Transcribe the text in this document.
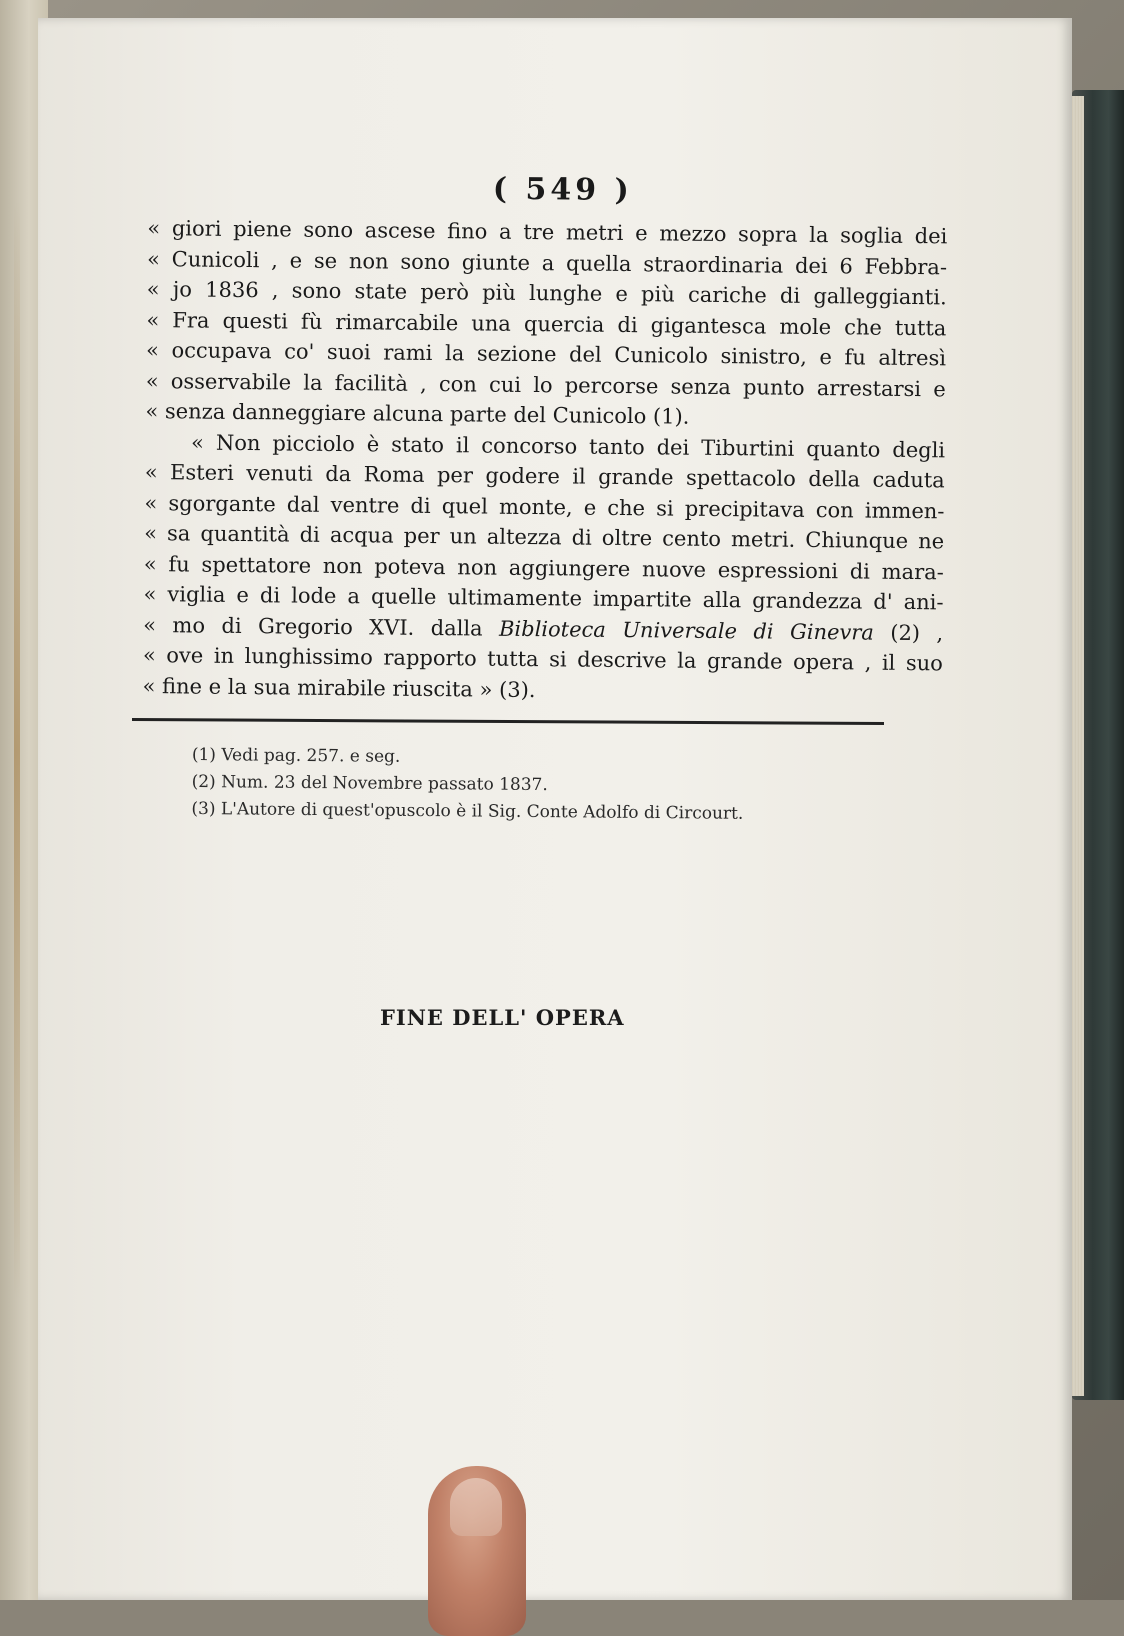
( 549 )
« giori piene sono ascese fino a tre metri e mezzo sopra la soglia dei
« Cunicoli , e se non sono giunte a quella straordinaria dei 6 Febbra-
« jo 1836 , sono state però più lunghe e più cariche di galleggianti.
« Fra questi fù rimarcabile una quercia di gigantesca mole che tutta
« occupava co' suoi rami la sezione del Cunicolo sinistro, e fu altresì
« osservabile la facilità , con cui lo percorse senza punto arrestarsi e
« senza danneggiare alcuna parte del Cunicolo (1).
« Non picciolo è stato il concorso tanto dei Tiburtini quanto degli
« Esteri venuti da Roma per godere il grande spettacolo della caduta
« sgorgante dal ventre di quel monte, e che si precipitava con immen-
« sa quantità di acqua per un altezza di oltre cento metri. Chiunque ne
« fu spettatore non poteva non aggiungere nuove espressioni di mara-
« viglia e di lode a quelle ultimamente impartite alla grandezza d' ani-
« mo di Gregorio XVI. dalla Biblioteca Universale di Ginevra (2) ,
« ove in lunghissimo rapporto tutta si descrive la grande opera , il suo
« fine e la sua mirabile riuscita » (3).
(1) Vedi pag. 257. e seg.
(2) Num. 23 del Novembre passato 1837.
(3) L'Autore di quest'opuscolo è il Sig. Conte Adolfo di Circourt.
FINE DELL' OPERA
